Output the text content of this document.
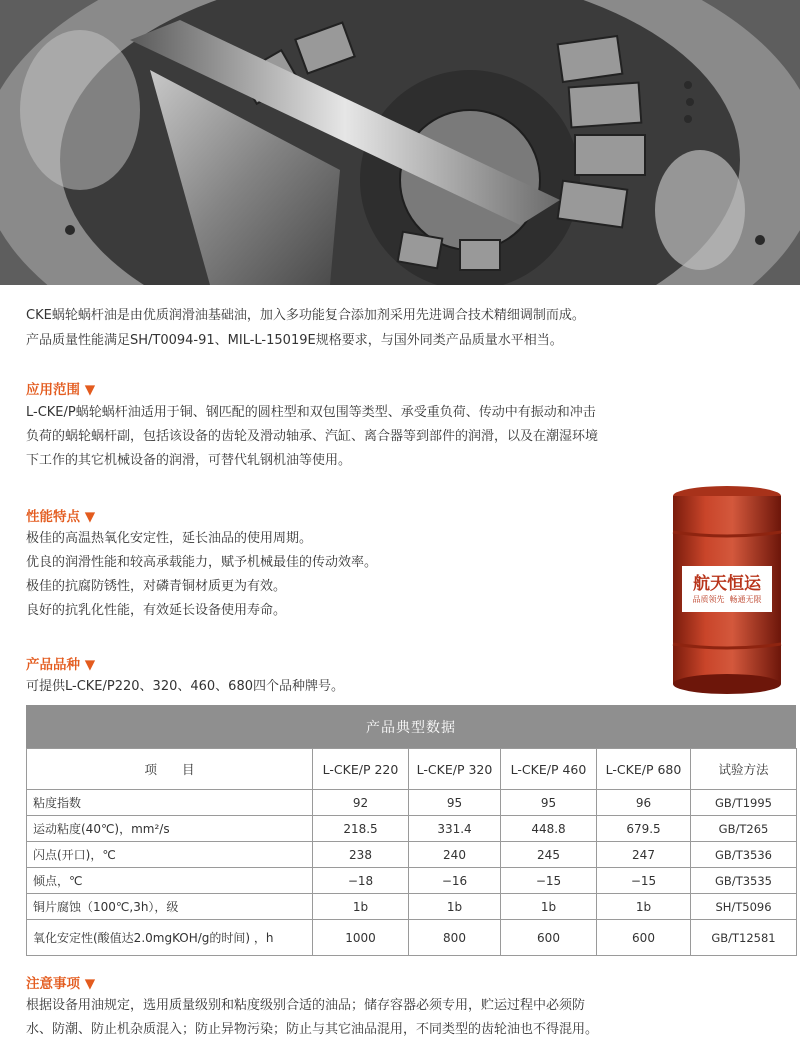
CKE蜗轮蜗杆油是由优质润滑油基础油，加入多功能复合添加剂采用先进调合技术精细调制而成。
产品质量性能满足SH/T0094-91、MIL-L-15019E规格要求，与国外同类产品质量水平相当。
应用范围 ▼

L-CKE/P蜗轮蜗杆油适用于铜、钢匹配的圆柱型和双包围等类型、承受重负荷、传动中有振动和冲击

负荷的蜗轮蜗杆副，包括该设备的齿轮及滑动轴承、汽缸、离合器等到部件的润滑，以及在潮湿环境

下工作的其它机械设备的润滑，可替代轧钢机油等使用。

性能特点 ▼

极佳的高温热氧化安定性，延长油品的使用周期。

优良的润滑性能和较高承载能力，赋予机械最佳的传动效率。

极佳的抗腐防锈性，对磷青铜材质更为有效。

良好的抗乳化性能，有效延长设备使用寿命。

产品品种 ▼
可提供L-CKE/P220、320、460、680四个品种牌号。
航天恒运
品质领先  畅通无限
产品典型数据
项　　目	L-CKE/P 220	L-CKE/P 320	L-CKE/P 460	L-CKE/P 680	试验方法
粘度指数	92	95	95	96	GB/T1995
运动粘度(40℃)，mm²/s	218.5	331.4	448.8	679.5	GB/T265
闪点(开口)，℃	238	240	245	247	GB/T3536
倾点，℃	−18	−16	−15	−15	GB/T3535
铜片腐蚀（100℃,3h），级	1b	1b	1b	1b	SH/T5096
氧化安定性(酸值达2.0mgKOH/g的时间) ，h	1000	800	600	600	GB/T12581
注意事项 ▼

根据设备用油规定，选用质量级别和粘度级别合适的油品；储存容器必须专用，贮运过程中必须防

水、防潮、防止机杂质混入；防止异物污染；防止与其它油品混用，不同类型的齿轮油也不得混用。
